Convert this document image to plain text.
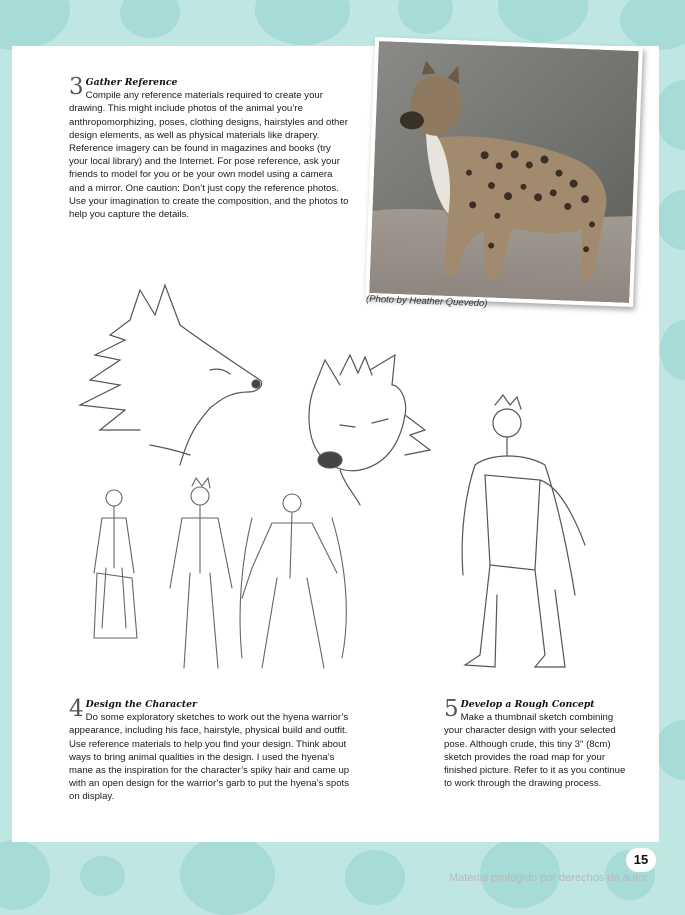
3 Gather Reference
Compile any reference materials required to create your drawing. This might include photos of the animal you’re anthropomorphizing, poses, clothing designs, hairstyles and other design elements, as well as physical materials like drapery. Reference imagery can be found in magazines and books (try your local library) and the Internet. For pose reference, ask your friends to model for you or be your own model using a camera and a mirror. One caution: Don’t just copy the reference photos. Use your imagination to create the composition, and the photos to help you capture the details.
4 Design the Character
Do some exploratory sketches to work out the hyena warrior’s appearance, including his face, hairstyle, physical build and outfit. Use reference materials to help you find your design. Think about ways to bring animal qualities in the design. I used the hyena’s mane as the inspiration for the character’s spiky hair and came up with an open design for the warrior’s garb to put the hyena’s spots on display.
5 Develop a Rough Concept
Make a thumbnail sketch combining your character design with your selected pose. Although crude, this tiny 3" (8cm) sketch provides the road map for your finished picture. Refer to it as you continue to work through the drawing process.
(Photo by Heather Quevedo)
15
Material protegido por derechos de autor
